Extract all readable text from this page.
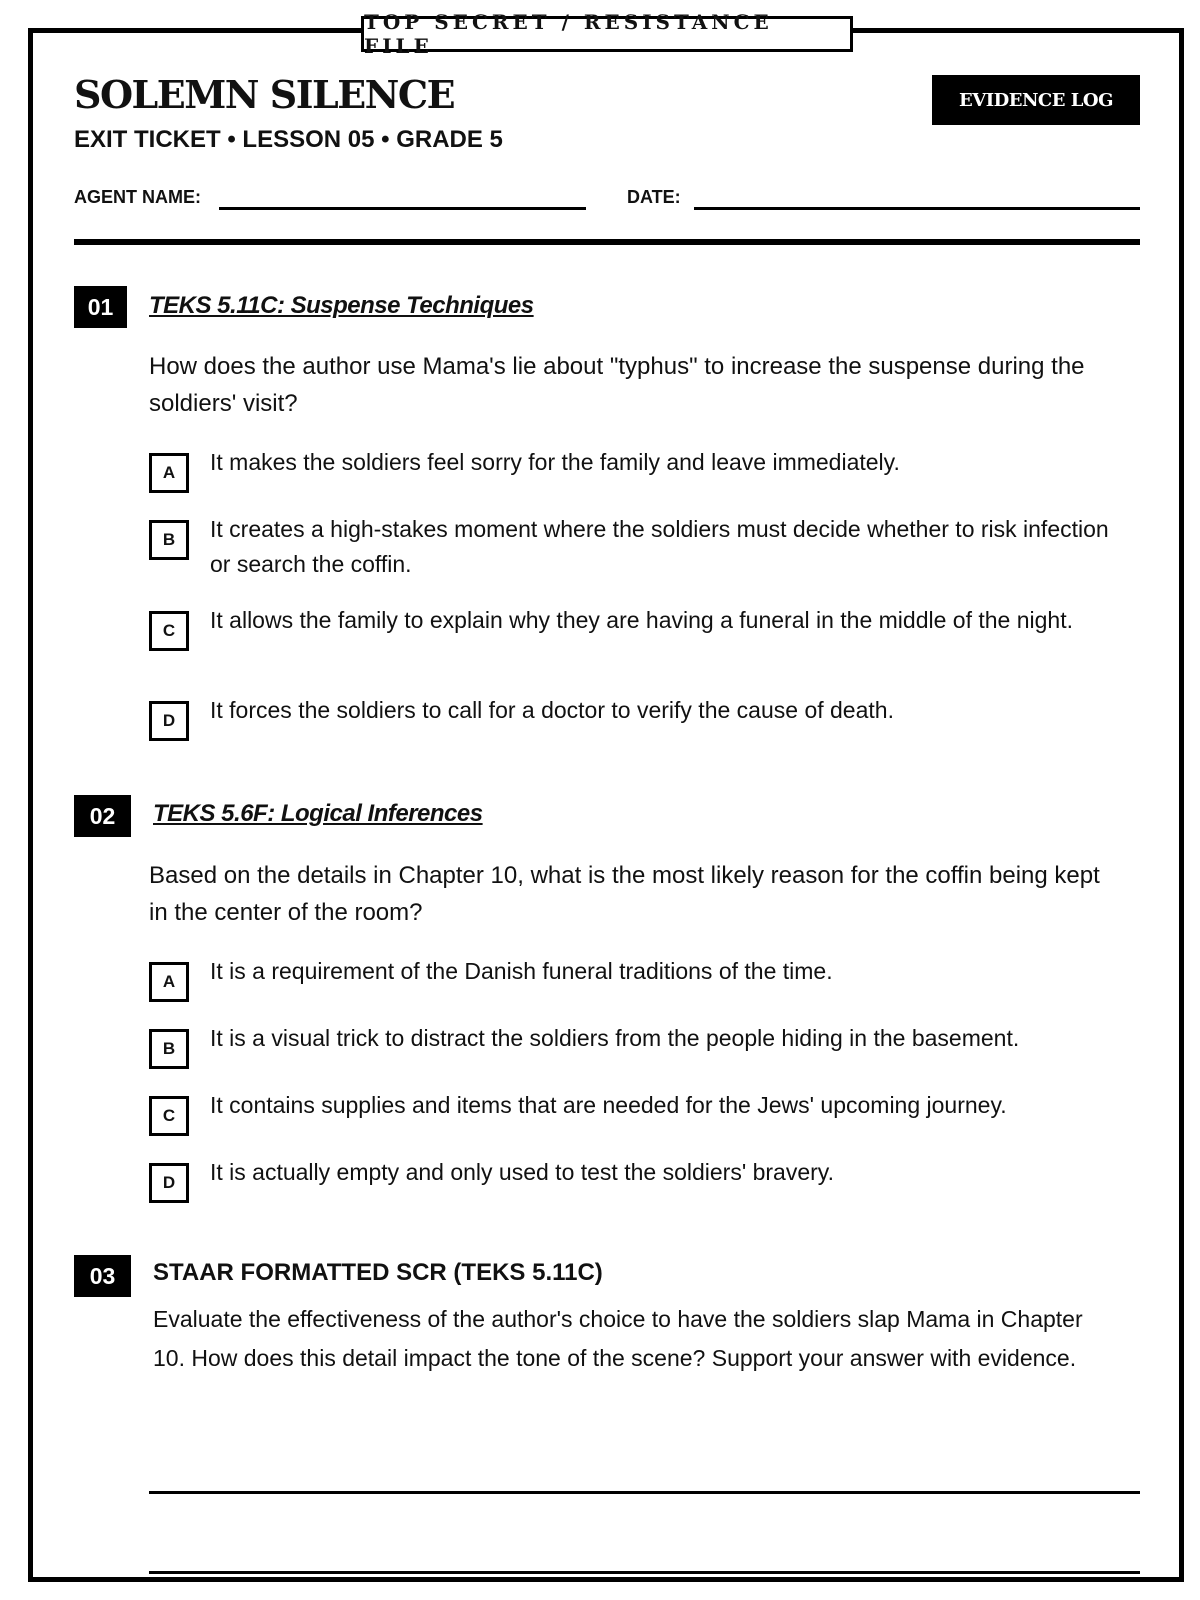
TOP SECRET / RESISTANCE FILE
SOLEMN SILENCE
EXIT TICKET • LESSON 05 • GRADE 5
EVIDENCE LOG
AGENT NAME:	DATE:
01	TEKS 5.11C: Suspense Techniques
How does the author use Mama's lie about "typhus" to increase the suspense during the soldiers' visit?
A	It makes the soldiers feel sorry for the family and leave immediately.
B	It creates a high-stakes moment where the soldiers must decide whether to risk infection or search the coffin.
C	It allows the family to explain why they are having a funeral in the middle of the night.
D	It forces the soldiers to call for a doctor to verify the cause of death.
02	TEKS 5.6F: Logical Inferences
Based on the details in Chapter 10, what is the most likely reason for the coffin being kept in the center of the room?
A	It is a requirement of the Danish funeral traditions of the time.
B	It is a visual trick to distract the soldiers from the people hiding in the basement.
C	It contains supplies and items that are needed for the Jews' upcoming journey.
D	It is actually empty and only used to test the soldiers' bravery.
03	STAAR FORMATTED SCR (TEKS 5.11C)
Evaluate the effectiveness of the author's choice to have the soldiers slap Mama in Chapter 10. How does this detail impact the tone of the scene? Support your answer with evidence.
